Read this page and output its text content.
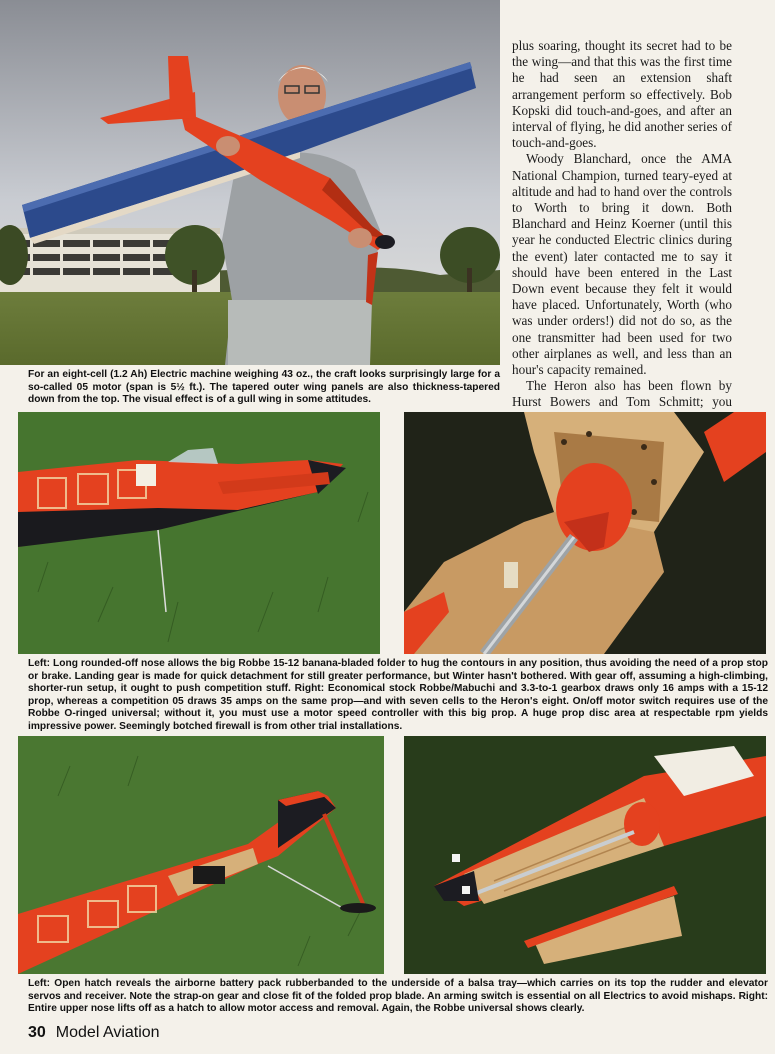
plus soaring, thought its secret had to be the wing—and that this was the first time he had seen an extension shaft arrangement perform so effectively. Bob Kopski did touch-and-goes, and after an interval of flying, he did another series of touch-and-goes.

Woody Blanchard, once the AMA National Champion, turned teary-eyed at altitude and had to hand over the controls to Worth to bring it down. Both Blanchard and Heinz Koerner (until this year he conducted Electric clinics during the event) later contacted me to say it should have been entered in the Last Down event because they felt it would have placed. Unfortunately, Worth (who was under orders!) did not do so, as the one transmitter had been used for two other airplanes as well, and less than an hour's capacity remained.

The Heron also has been flown by Hurst Bowers and Tom Schmitt; you

For an eight-cell (1.2 Ah) Electric machine weighing 43 oz., the craft looks surprisingly large for a so-called 05 motor (span is 5½ ft.). The tapered outer wing panels are also thickness-tapered down from the top. The visual effect is of a gull wing in some attitudes.

Left: Long rounded-off nose allows the big Robbe 15-12 banana-bladed folder to hug the contours in any position, thus avoiding the need of a prop stop or brake. Landing gear is made for quick detachment for still greater performance, but Winter hasn't bothered. With gear off, assuming a high-climbing, shorter-run setup, it ought to push competition stuff. Right: Economical stock Robbe/Mabuchi and 3.3-to-1 gearbox draws only 16 amps with a 15-12 prop, whereas a competition 05 draws 35 amps on the same prop—and with seven cells to the Heron's eight. On/off motor switch requires use of the Robbe O-ringed universal; without it, you must use a motor speed controller with this big prop. A huge prop disc area at respectable rpm yields impressive power. Seemingly botched firewall is from other trial installations.

Left: Open hatch reveals the airborne battery pack rubberbanded to the underside of a balsa tray—which carries on its top the rudder and elevator servos and receiver. Note the strap-on gear and close fit of the folded prop blade. An arming switch is essential on all Electrics to avoid mishaps. Right: Entire upper nose lifts off as a hatch to allow motor access and removal. Again, the Robbe universal shows clearly.

30 Model Aviation
